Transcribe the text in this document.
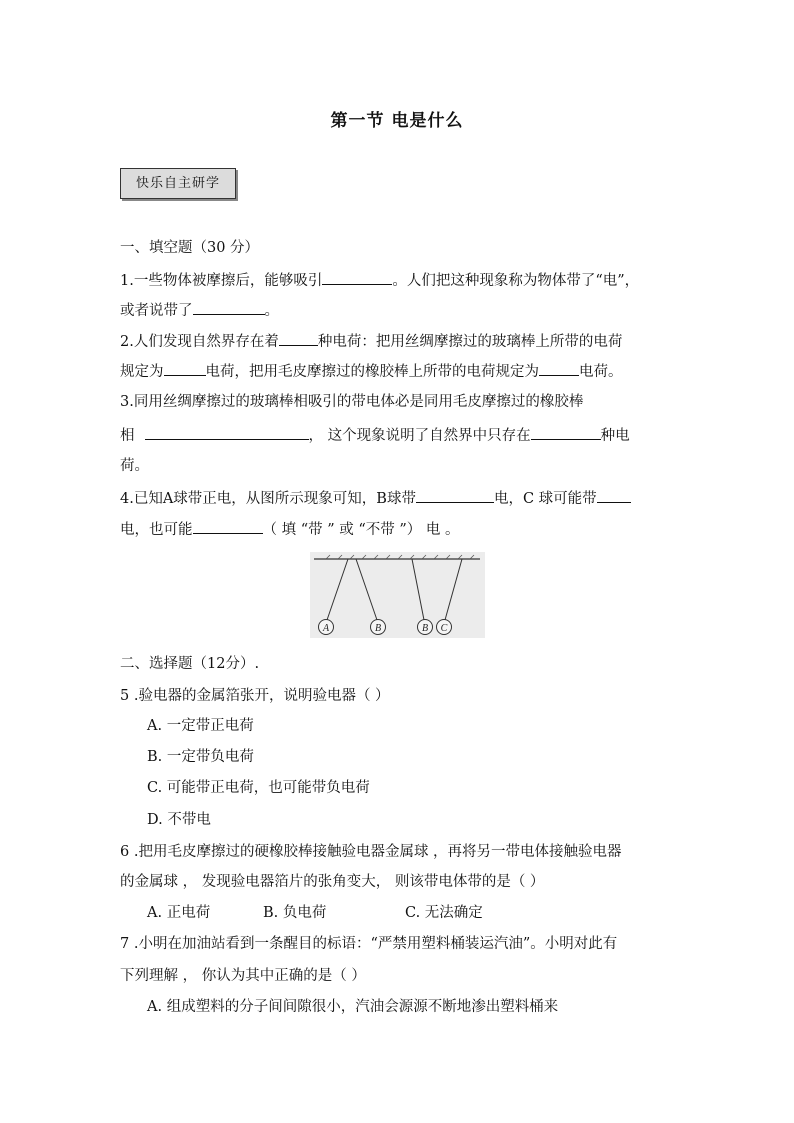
第一节 电是什么
快乐自主研学
一、填空题（30 分）
1.一些物体被摩擦后，能够吸引	。人们把这种现象称为物体带了“电”，
或者说带了	。
2.人们发现自然界存在着	种电荷：把用丝绸摩擦过的玻璃棒上所带的电荷
规定为	电荷，把用毛皮摩擦过的橡胶棒上所带的电荷规定为	电荷。
3.同用丝绸摩擦过的玻璃棒相吸引的带电体必是同用毛皮摩擦过的橡胶棒
相	， 这个现象说明了自然界中只存在	种电
荷。
4.已知A球带正电，从图所示现象可知，B球带	电，C 球可能带
电，也可能	（ 填 “带 ” 或 “不带 ”） 电 。
A	B	B C
二、选择题（12分）.
5 .验电器的金属箔张开，说明验电器（ ）
A. 一定带正电荷
B. 一定带负电荷
C. 可能带正电荷，也可能带负电荷
D. 不带电
6 .把用毛皮摩擦过的硬橡胶棒接触验电器金属球 ，再将另一带电体接触验电器
的金属球 ， 发现验电器箔片的张角变大， 则该带电体带的是（ ）
A. 正电荷	B. 负电荷	C. 无法确定
7 .小明在加油站看到一条醒目的标语：“严禁用塑料桶装运汽油”。小明对此有
下列理解 ， 你认为其中正确的是（ ）
A. 组成塑料的分子间间隙很小，汽油会源源不断地渗出塑料桶来
